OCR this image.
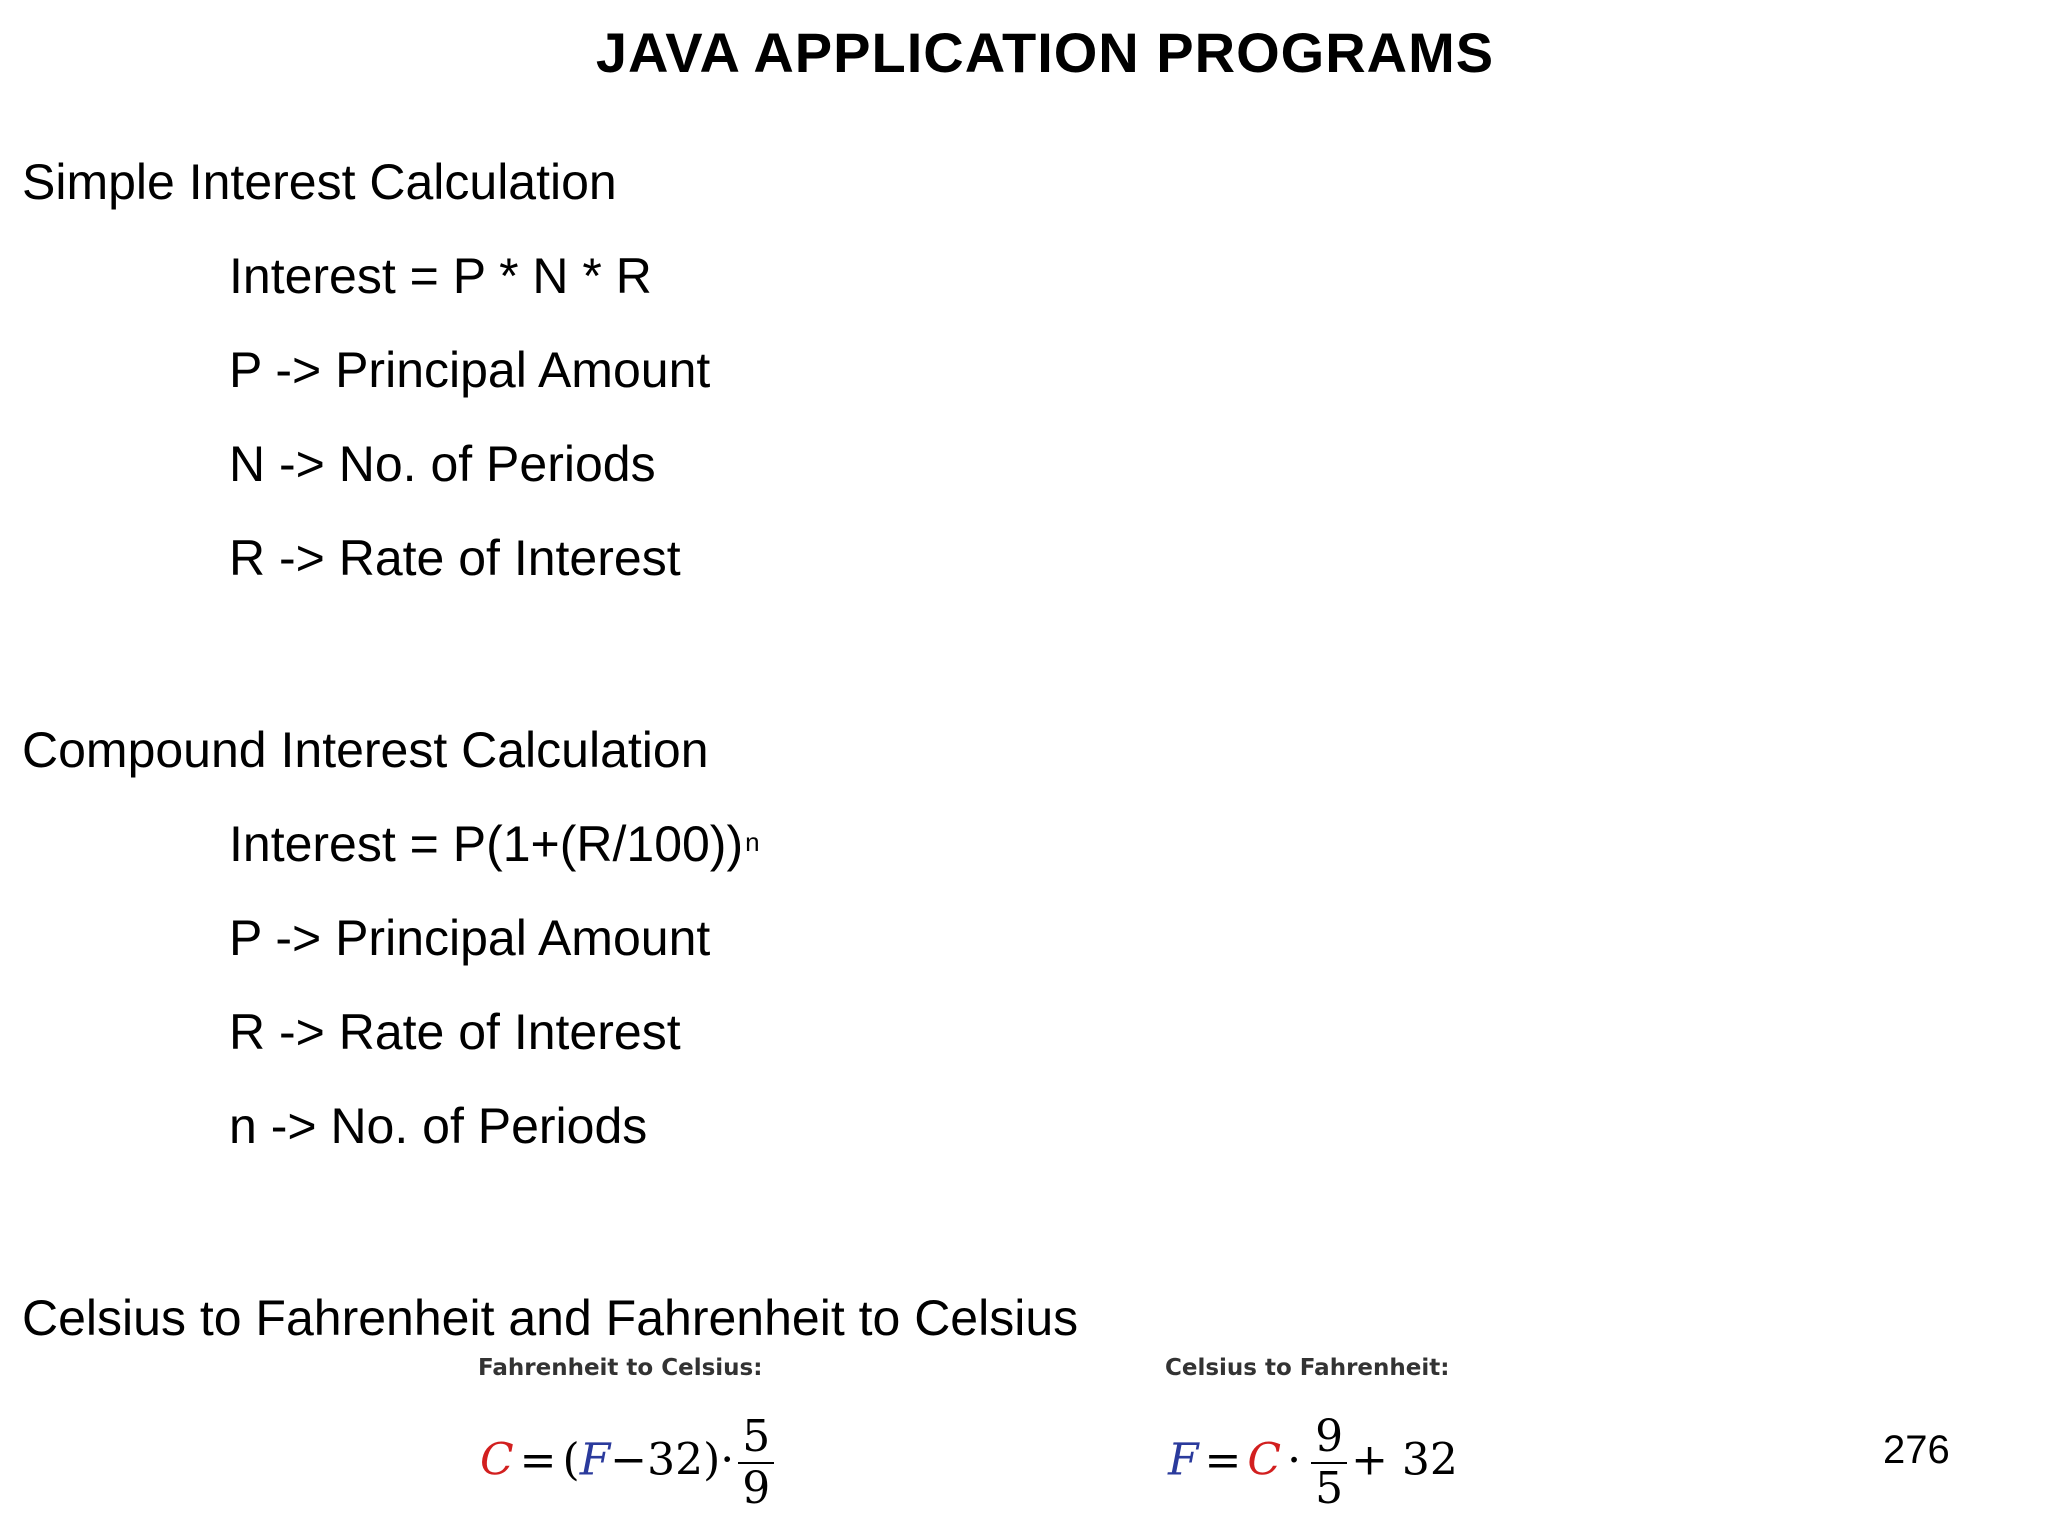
JAVA APPLICATION PROGRAMS
Simple Interest Calculation
Interest = P * N * R
P -> Principal Amount
N -> No. of Periods
R -> Rate of Interest
Compound Interest Calculation
Interest = $P(1+(R/100))^n$
P -> Principal Amount
R -> Rate of Interest
n -> No. of Periods
Celsius to Fahrenheit and Fahrenheit to Celsius
Fahrenheit to Celsius:
$C = (F-32)\cdot \frac{5}{9}$
Celsius to Fahrenheit:
$F = C \cdot \frac{9}{5} + 32$	276
